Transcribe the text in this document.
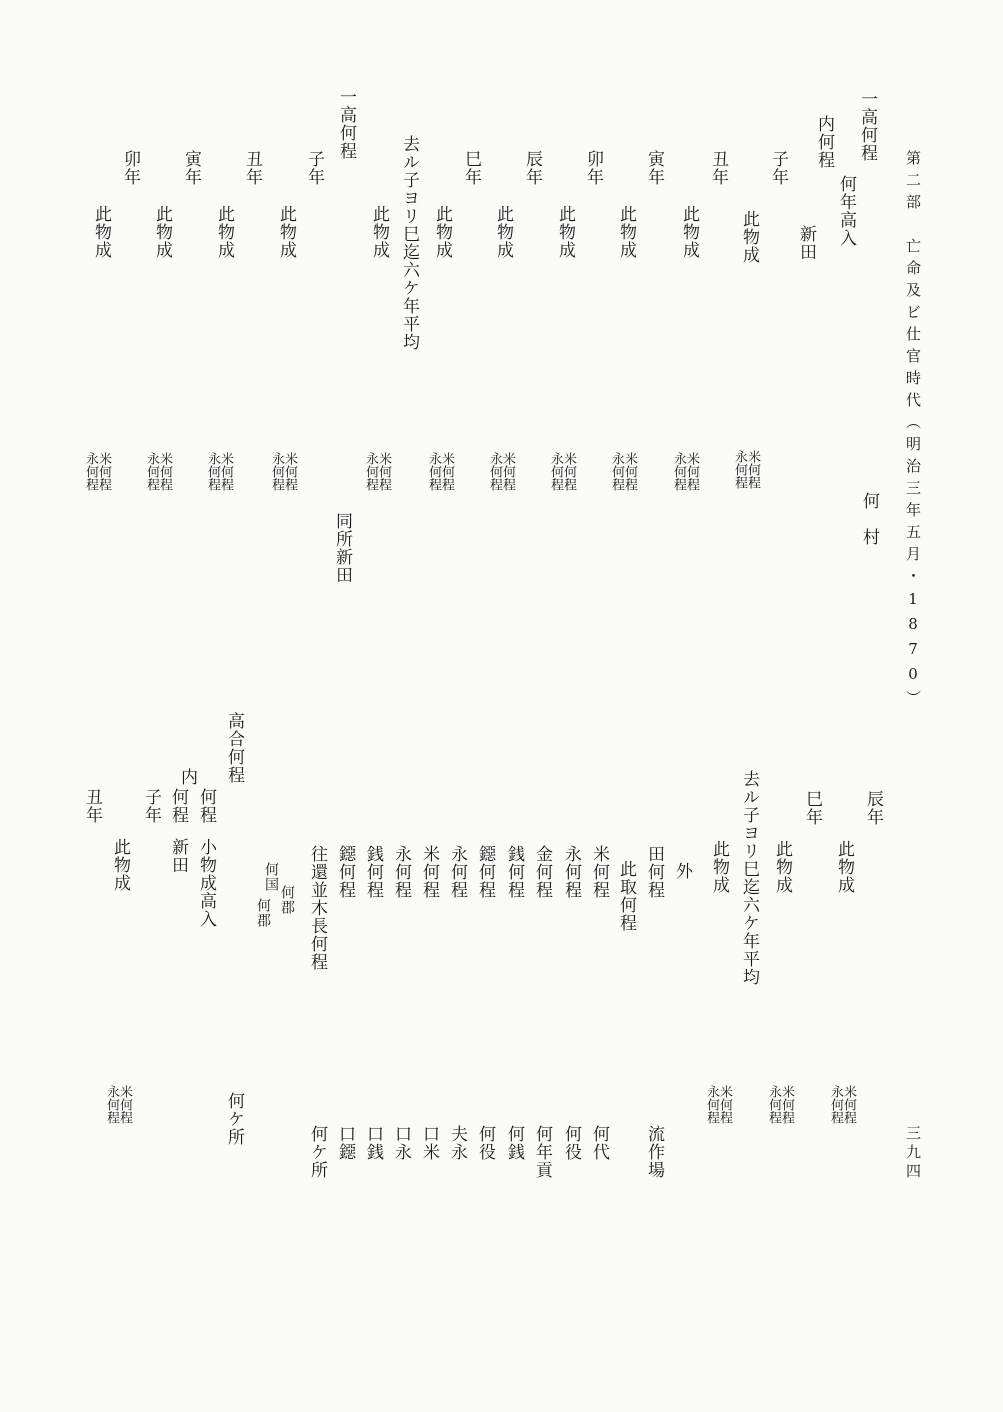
第二部　亡命及ビ仕官時代（明治三年五月・1870）
三九四
一高何程
何年高入
内何程
新田
何
村
子年
此物成
米何程
永何程
丑年
此物成
米何程
永何程
寅年
此物成
米何程
永何程
卯年
此物成
米何程
永何程
辰年
此物成
米何程
永何程
巳年
此物成
米何程
永何程
去ル子ヨリ巳迄六ケ年平均
此物成
米何程
永何程
一高何程
同所新田
子年
此物成
米何程
永何程
丑年
此物成
米何程
永何程
寅年
此物成
米何程
永何程
卯年
此物成
米何程
永何程
辰年
此物成
米何程
永何程
巳年
此物成
米何程
永何程
去ル子ヨリ巳迄六ケ年平均
此物成
米何程
永何程
外
田何程
此取何程
流作場
米何程
何代
永何程
何役
金何程
何年貢
銭何程
何銭
鐚何程
何役
永何程
夫永
米何程
口米
永何程
口永
銭何程
口銭
鐚何程
口鐚
往還並木長何程
何ケ所
何郡
何国
何郡
高合何程
何ケ所
何程
小物成高入
内
何程
新田
子年
丑年
此物成
米何程
永何程
